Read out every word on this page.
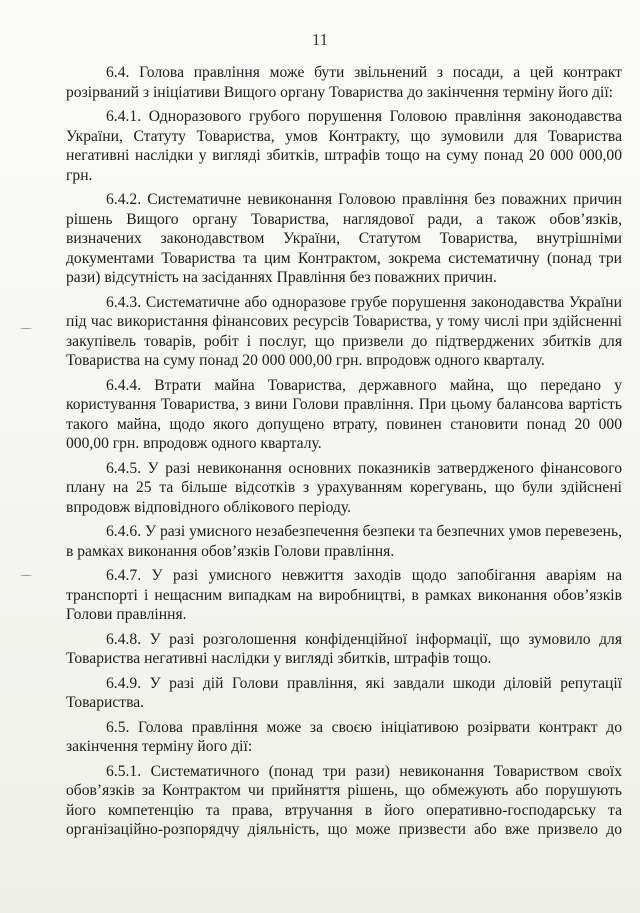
11

6.4. Голова правління може бути звільнений з посади, а цей контракт розірваний з ініціативи Вищого органу Товариства до закінчення терміну його дії:

6.4.1. Одноразового грубого порушення Головою правління законодавства України, Статуту Товариства, умов Контракту, що зумовили для Товариства негативні наслідки у вигляді збитків, штрафів тощо на суму понад 20 000 000,00 грн.

6.4.2. Систематичне невиконання Головою правління без поважних причин рішень Вищого органу Товариства, наглядової ради, а також обов’язків, визначених законодавством України, Статутом Товариства, внутрішніми документами Товариства та цим Контрактом, зокрема систематичну (понад три рази) відсутність на засіданнях Правління без поважних причин.

6.4.3. Систематичне або одноразове грубе порушення законодавства України під час використання фінансових ресурсів Товариства, у тому числі при здійсненні закупівель товарів, робіт і послуг, що призвели до підтверджених збитків для Товариства на суму понад 20 000 000,00 грн. впродовж одного кварталу.

6.4.4. Втрати майна Товариства, державного майна, що передано у користування Товариства, з вини Голови правління. При цьому балансова вартість такого майна, щодо якого допущено втрату, повинен становити понад 20 000 000,00 грн. впродовж одного кварталу.

6.4.5. У разі невиконання основних показників затвердженого фінансового плану на 25 та більше відсотків з урахуванням корегувань, що були здійснені впродовж відповідного облікового періоду.

6.4.6. У разі умисного незабезпечення безпеки та безпечних умов перевезень, в рамках виконання обов’язків Голови правління.

6.4.7. У разі умисного невжиття заходів щодо запобігання аваріям на транспорті і нещасним випадкам на виробництві, в рамках виконання обов’язків Голови правління.

6.4.8. У разі розголошення конфіденційної інформації, що зумовило для Товариства негативні наслідки у вигляді збитків, штрафів тощо.

6.4.9. У разі дій Голови правління, які завдали шкоди діловій репутації Товариства.

6.5. Голова правління може за своєю ініціативою розірвати контракт до закінчення терміну його дії:

6.5.1. Систематичного (понад три рази) невиконання Товариством своїх обов’язків за Контрактом чи прийняття рішень, що обмежують або порушують його компетенцію та права, втручання в його оперативно-господарську та організаційно-розпорядчу діяльність, що може призвести або вже призвело до
